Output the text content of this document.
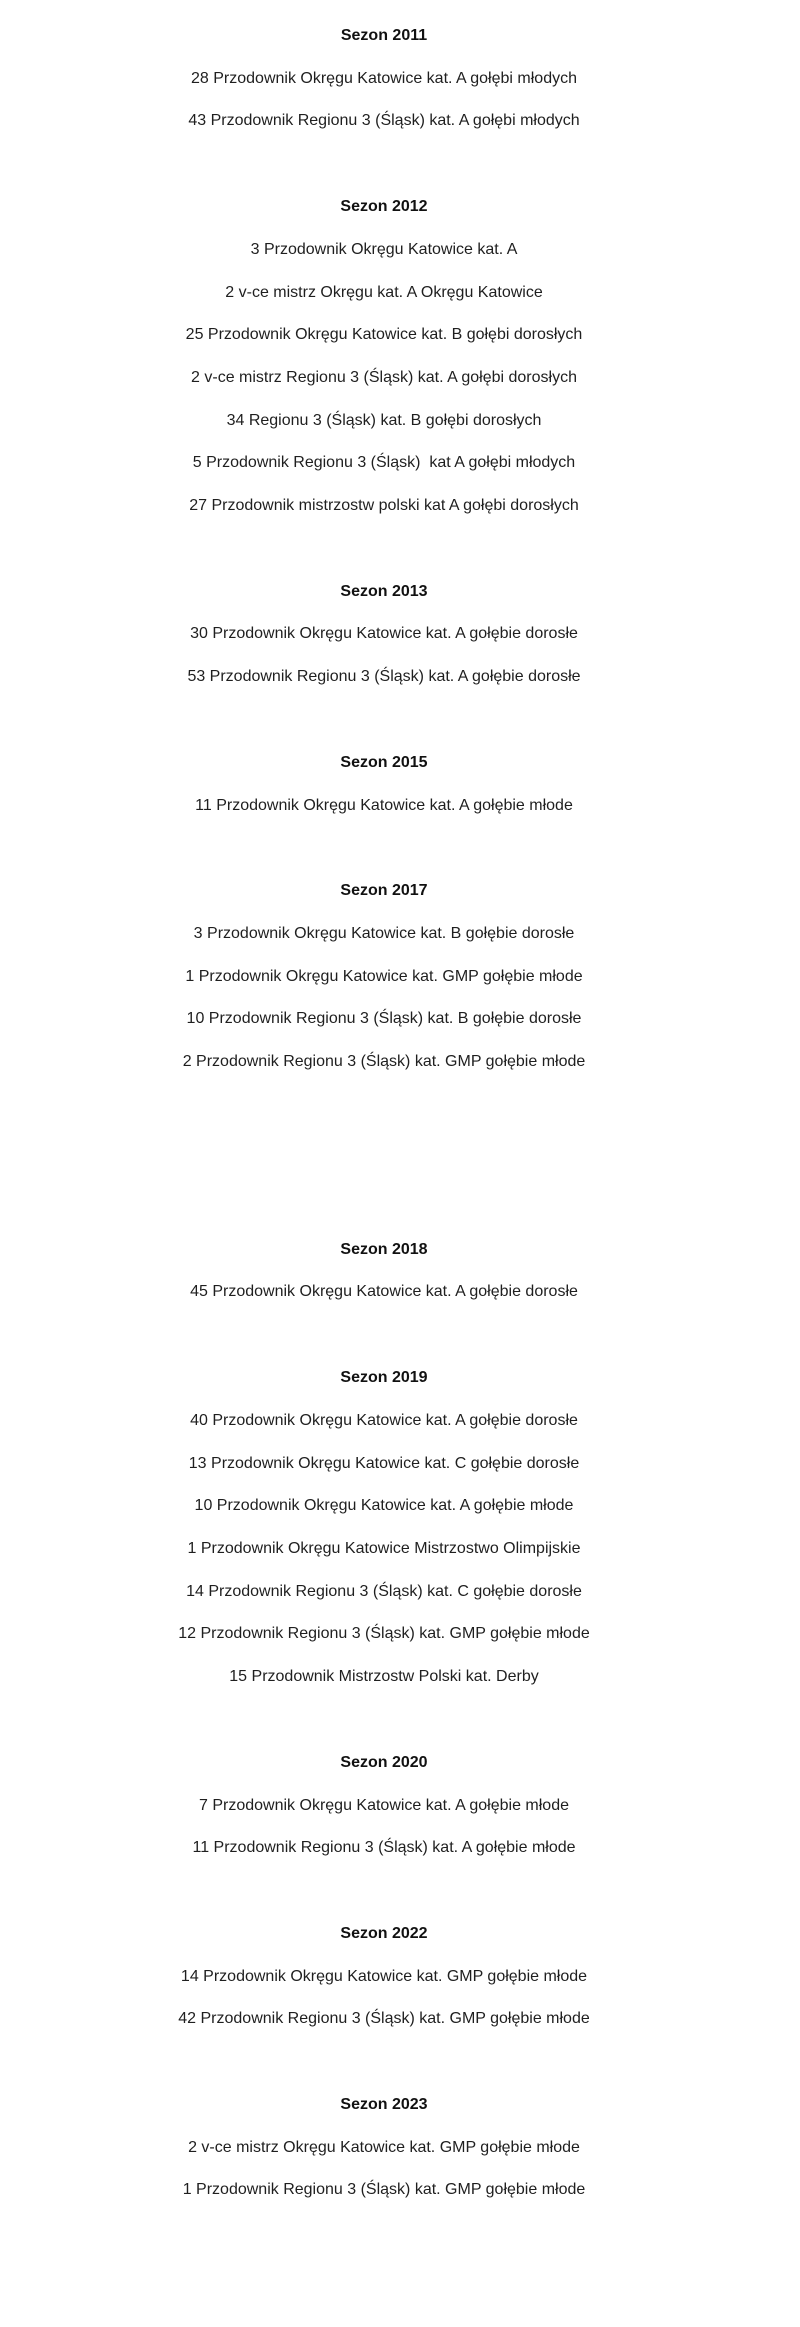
Sezon 2011

28 Przodownik Okręgu Katowice kat. A gołębi młodych

43 Przodownik Regionu 3 (Śląsk) kat. A gołębi młodych

Sezon 2012

3 Przodownik Okręgu Katowice kat. A

2 v-ce mistrz Okręgu kat. A Okręgu Katowice

25 Przodownik Okręgu Katowice kat. B gołębi dorosłych

2 v-ce mistrz Regionu 3 (Śląsk) kat. A gołębi dorosłych

34 Regionu 3 (Śląsk) kat. B gołębi dorosłych

5 Przodownik Regionu 3 (Śląsk)  kat A gołębi młodych

27 Przodownik mistrzostw polski kat A gołębi dorosłych

Sezon 2013

30 Przodownik Okręgu Katowice kat. A gołębie dorosłe

53 Przodownik Regionu 3 (Śląsk) kat. A gołębie dorosłe

Sezon 2015

11 Przodownik Okręgu Katowice kat. A gołębie młode

Sezon 2017

3 Przodownik Okręgu Katowice kat. B gołębie dorosłe

1 Przodownik Okręgu Katowice kat. GMP gołębie młode

10 Przodownik Regionu 3 (Śląsk) kat. B gołębie dorosłe

2 Przodownik Regionu 3 (Śląsk) kat. GMP gołębie młode

Sezon 2018

45 Przodownik Okręgu Katowice kat. A gołębie dorosłe

Sezon 2019

40 Przodownik Okręgu Katowice kat. A gołębie dorosłe

13 Przodownik Okręgu Katowice kat. C gołębie dorosłe

10 Przodownik Okręgu Katowice kat. A gołębie młode

1 Przodownik Okręgu Katowice Mistrzostwo Olimpijskie

14 Przodownik Regionu 3 (Śląsk) kat. C gołębie dorosłe

12 Przodownik Regionu 3 (Śląsk) kat. GMP gołębie młode

15 Przodownik Mistrzostw Polski kat. Derby

Sezon 2020

7 Przodownik Okręgu Katowice kat. A gołębie młode

11 Przodownik Regionu 3 (Śląsk) kat. A gołębie młode

Sezon 2022

14 Przodownik Okręgu Katowice kat. GMP gołębie młode

42 Przodownik Regionu 3 (Śląsk) kat. GMP gołębie młode

Sezon 2023

2 v-ce mistrz Okręgu Katowice kat. GMP gołębie młode

1 Przodownik Regionu 3 (Śląsk) kat. GMP gołębie młode
